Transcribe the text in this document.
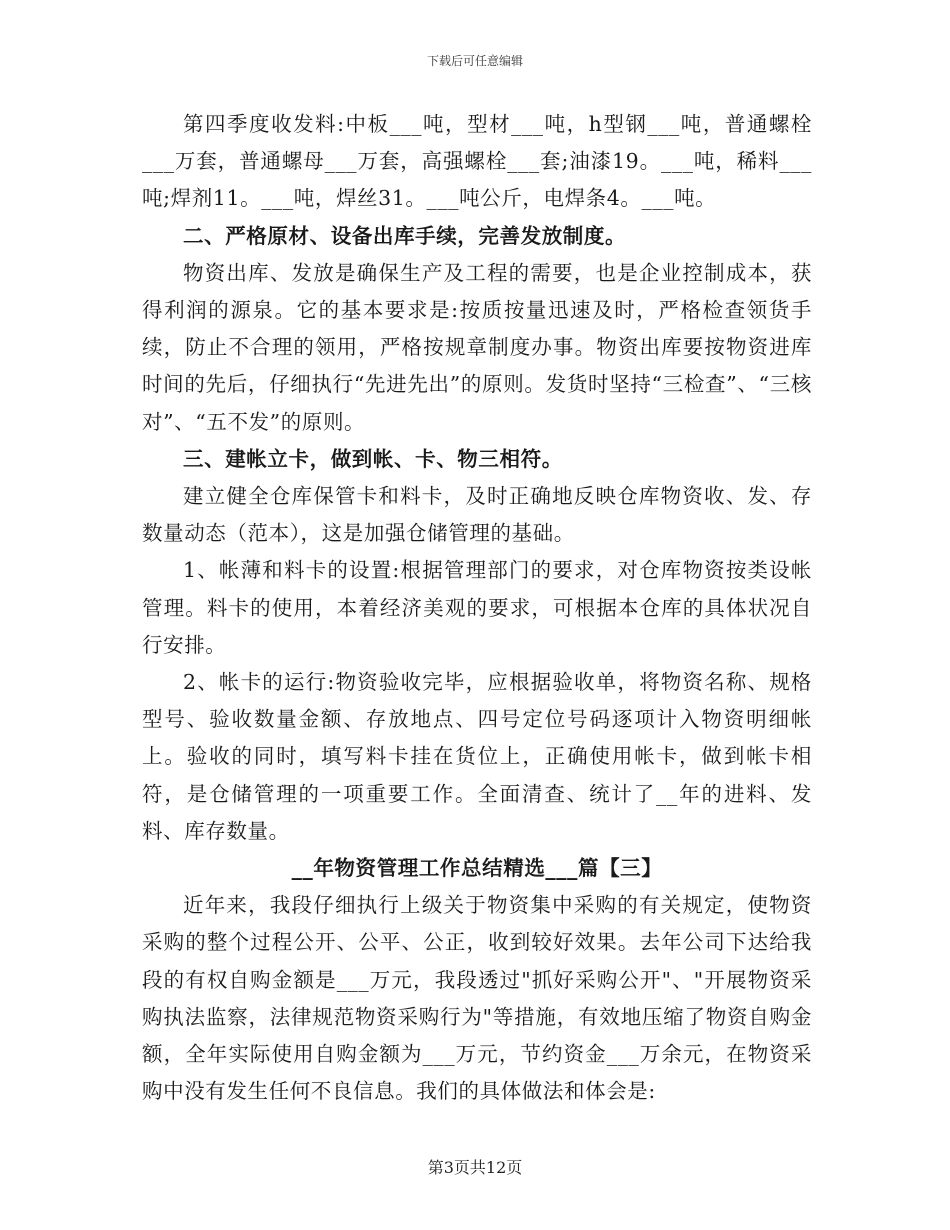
下载后可任意编辑

第四季度收发料:中板___吨，型材___吨，h型钢___吨，普通螺栓___万套，普通螺母___万套，高强螺栓___套;油漆19。___吨，稀料___吨;焊剂11。___吨，焊丝31。___吨公斤，电焊条4。___吨。

二、严格原材、设备出库手续，完善发放制度。

物资出库、发放是确保生产及工程的需要，也是企业控制成本，获得利润的源泉。它的基本要求是:按质按量迅速及时，严格检查领货手续，防止不合理的领用，严格按规章制度办事。物资出库要按物资进库时间的先后，仔细执行“先进先出”的原则。发货时坚持“三检查”、“三核对”、“五不发”的原则。

三、建帐立卡，做到帐、卡、物三相符。

建立健全仓库保管卡和料卡，及时正确地反映仓库物资收、发、存数量动态（范本），这是加强仓储管理的基础。

1、帐薄和料卡的设置:根据管理部门的要求，对仓库物资按类设帐管理。料卡的使用，本着经济美观的要求，可根据本仓库的具体状况自行安排。

2、帐卡的运行:物资验收完毕，应根据验收单，将物资名称、规格型号、验收数量金额、存放地点、四号定位号码逐项计入物资明细帐上。验收的同时，填写料卡挂在货位上，正确使用帐卡，做到帐卡相符，是仓储管理的一项重要工作。全面清查、统计了__年的进料、发料、库存数量。

__年物资管理工作总结精选___篇【三】

近年来，我段仔细执行上级关于物资集中采购的有关规定，使物资采购的整个过程公开、公平、公正，收到较好效果。去年公司下达给我段的有权自购金额是___万元，我段透过"抓好采购公开"、"开展物资采购执法监察，法律规范物资采购行为"等措施，有效地压缩了物资自购金额，全年实际使用自购金额为___万元，节约资金___万余元，在物资采购中没有发生任何不良信息。我们的具体做法和体会是:

第3页共12页
